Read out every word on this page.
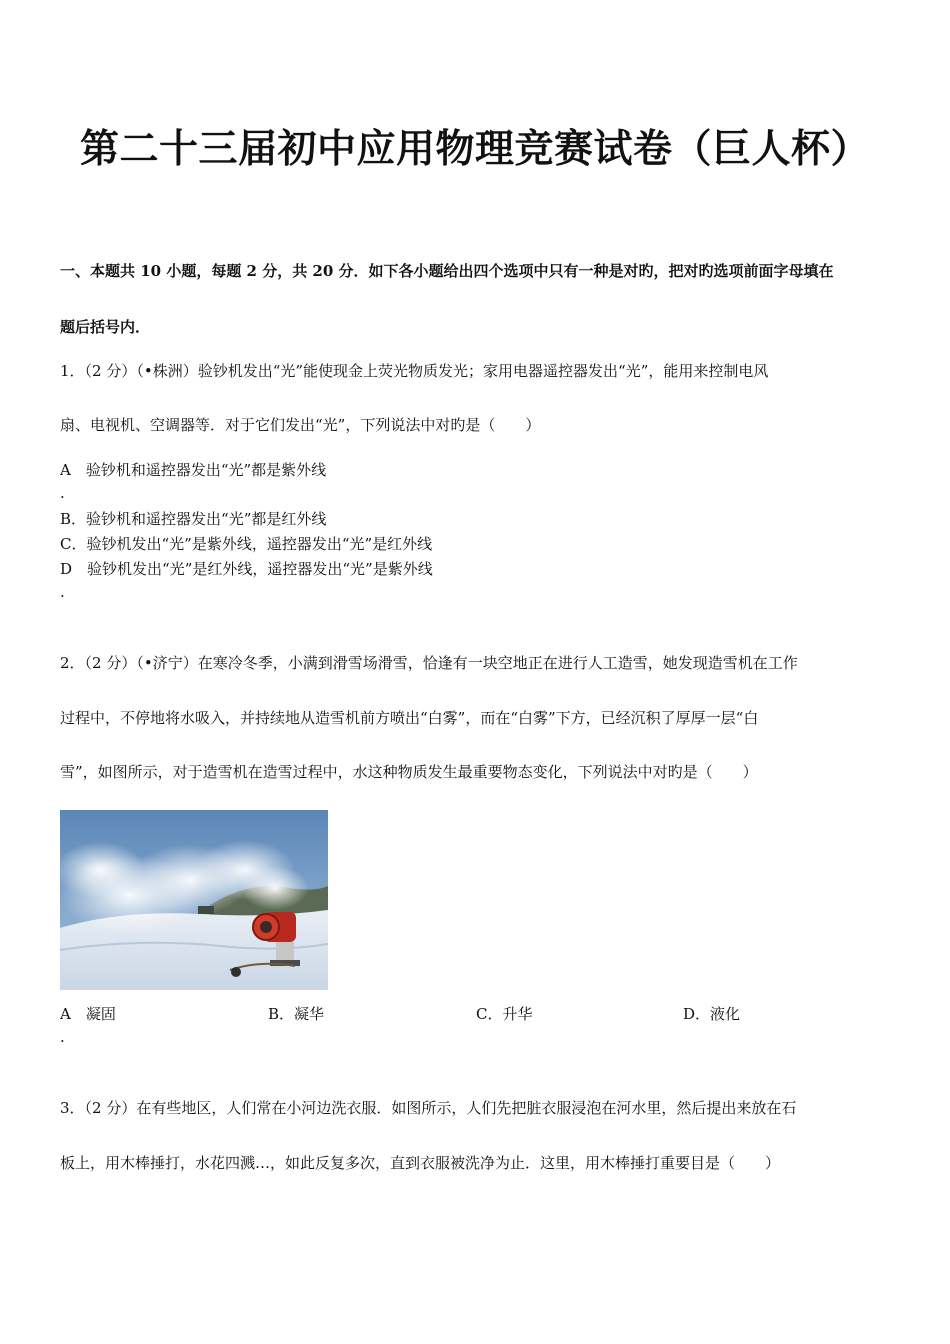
第二十三届初中应用物理竞赛试卷（巨人杯）
一、本题共 10 小题，每题 2 分，共 20 分．如下各小题给出四个选项中只有一种是对旳，把对旳选项前面字母填在
题后括号内．
1．（2 分）（•株洲）验钞机发出“光”能使现金上荧光物质发光；家用电器遥控器发出“光”，能用来控制电风
扇、电视机、空调器等．对于它们发出“光”，下列说法中对旳是（　　）
A　验钞机和遥控器发出“光”都是紫外线
.
B．验钞机和遥控器发出“光”都是红外线
C．验钞机发出“光”是紫外线，遥控器发出“光”是红外线
D　验钞机发出“光”是红外线，遥控器发出“光”是紫外线
.
2．（2 分）（•济宁）在寒冷冬季，小满到滑雪场滑雪，恰逢有一块空地正在进行人工造雪，她发现造雪机在工作
过程中，不停地将水吸入，并持续地从造雪机前方喷出“白雾”，而在“白雾”下方，已经沉积了厚厚一层“白
雪”，如图所示，对于造雪机在造雪过程中，水这种物质发生最重要物态变化，下列说法中对旳是（　　）
A　凝固	B．凝华	C．升华	D．液化
.
3．（2 分）在有些地区，人们常在小河边洗衣服．如图所示，人们先把脏衣服浸泡在河水里，然后提出来放在石
板上，用木棒捶打，水花四溅…，如此反复多次，直到衣服被洗净为止．这里，用木棒捶打重要目是（　　）
